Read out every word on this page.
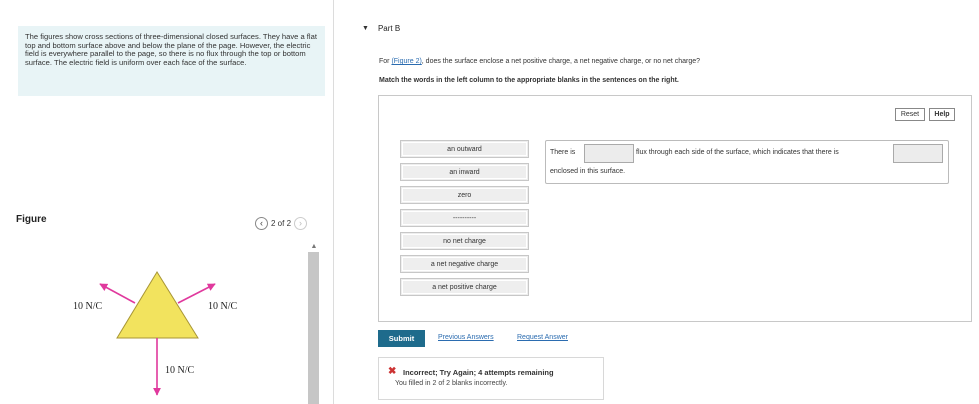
The figures show cross sections of three-dimensional closed surfaces. They have a flat top and bottom surface above and below the plane of the page. However, the electric field is everywhere parallel to the page, so there is no flux through the top or bottom surface. The electric field is uniform over each face of the surface.
Figure	‹	2 of 2 ›
10 N/C	10 N/C
10 N/C
▲
▼ Part B
For (Figure 2), does the surface enclose a net positive charge, a net negative charge, or no net charge?
Match the words in the left column to the appropriate blanks in the sentences on the right.
Reset	Help
an outward
an inward
zero
----------
no net charge
a net negative charge
a net positive charge
There is	flux through each side of the surface, which indicates that there is
enclosed in this surface.
Submit	Previous Answers	Request Answer
✖ Incorrect; Try Again; 4 attempts remaining
You filled in 2 of 2 blanks incorrectly.
